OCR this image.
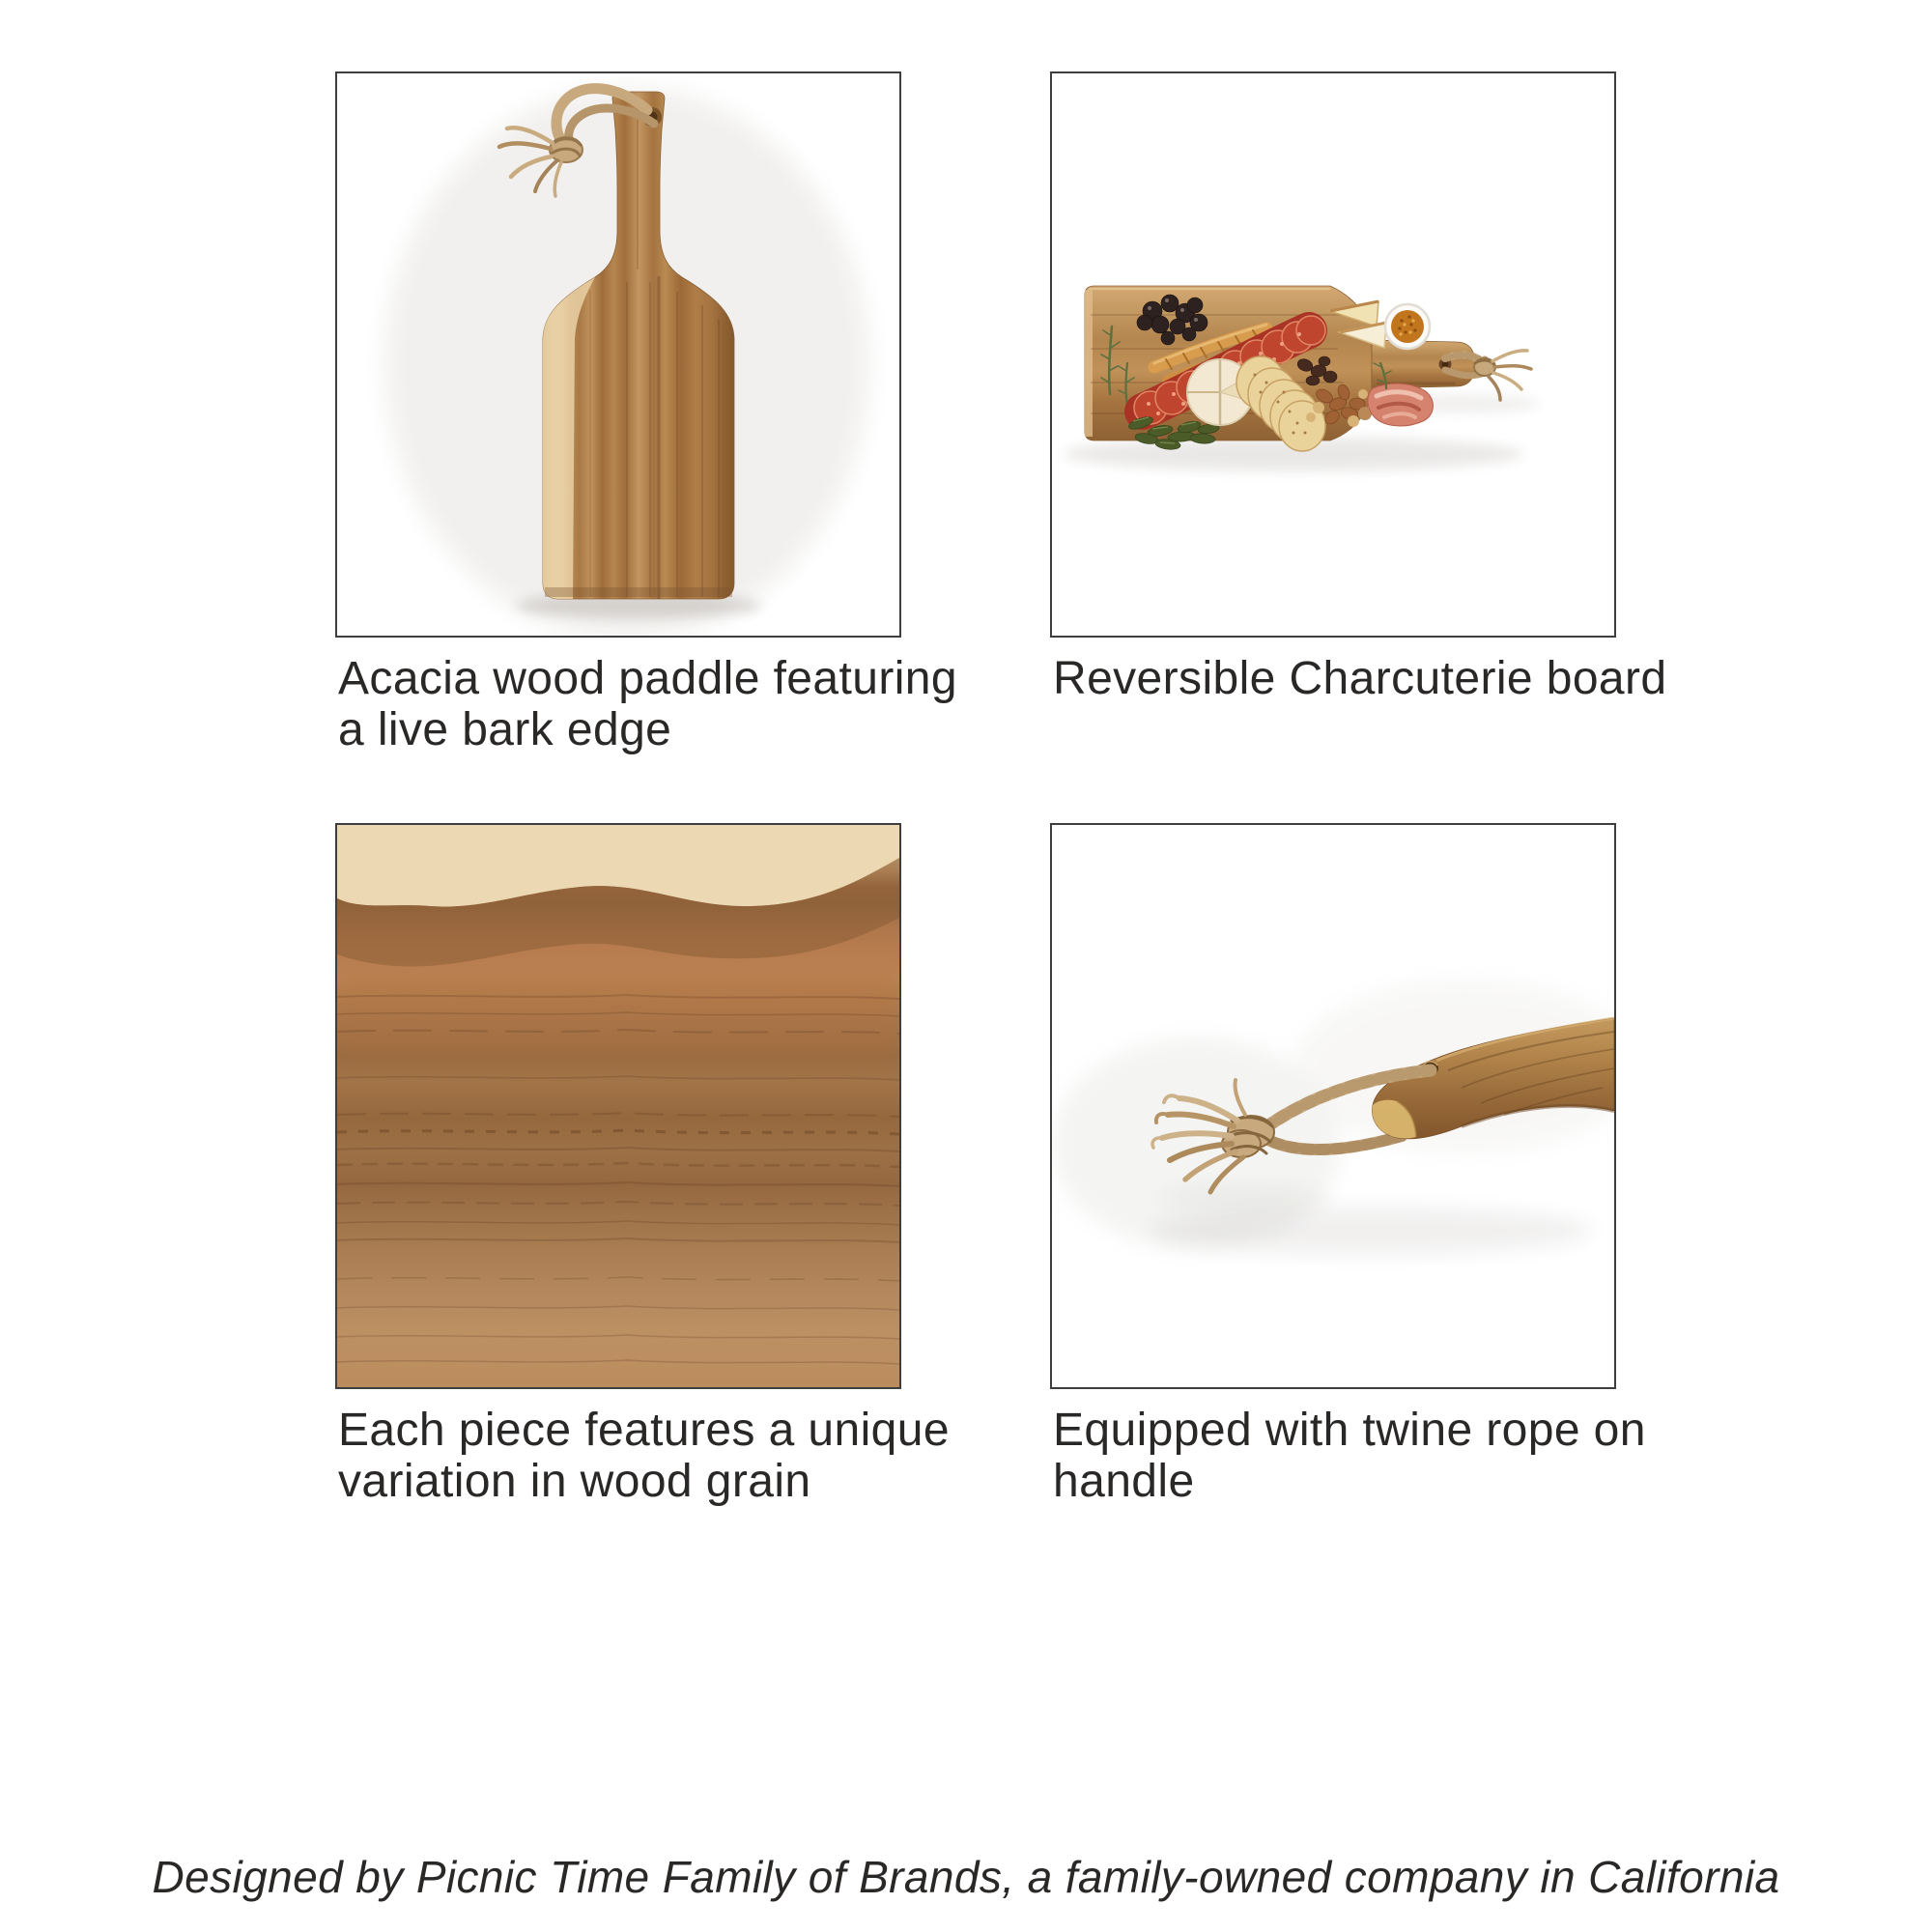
Acacia wood paddle featuring
a live bark edge
Reversible Charcuterie board
Each piece features a unique
variation in wood grain
Equipped with twine rope on
handle
Designed by Picnic Time Family of Brands, a family-owned company in California
